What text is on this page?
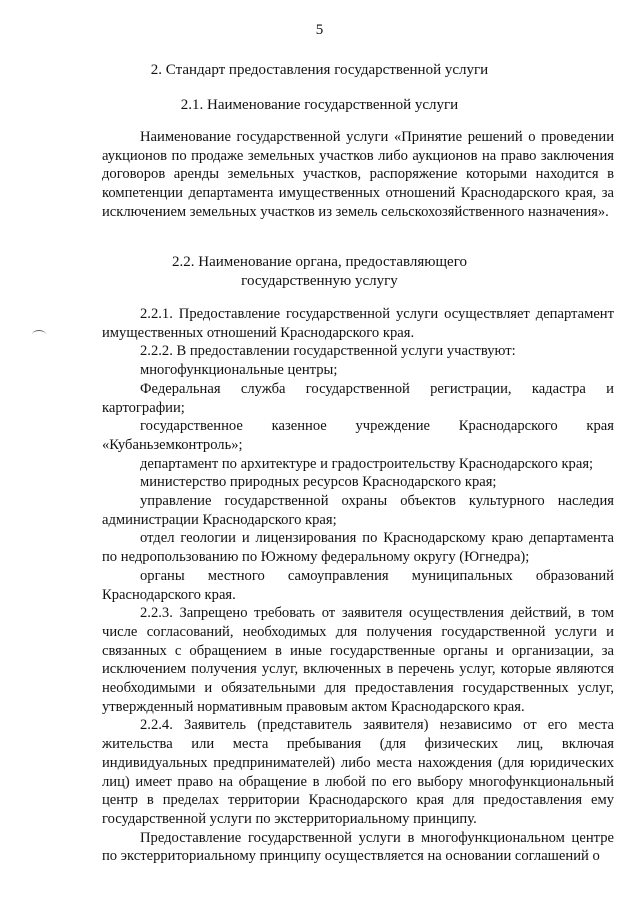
5
2. Стандарт предоставления государственной услуги
2.1. Наименование государственной услуги

Наименование государственной услуги «Принятие решений о проведении аукционов по продаже земельных участков либо аукционов на право заключения договоров аренды земельных участков, распоряжение которыми находится в компетенции департамента имущественных отношений Краснодарского края, за исключением земельных участков из земель сельскохозяйственного назначения».

2.2. Наименование органа, предоставляющего
государственную услугу

2.2.1. Предоставление государственной услуги осуществляет департамент имущественных отношений Краснодарского края.

2.2.2. В предоставлении государственной услуги участвуют:

многофункциональные центры;

Федеральная служба государственной регистрации, кадастра и картографии;

государственное казенное учреждение Краснодарского края «Кубаньземконтроль»;

департамент по архитектуре и градостроительству Краснодарского края;

министерство природных ресурсов Краснодарского края;

управление государственной охраны объектов культурного наследия администрации Краснодарского края;

отдел геологии и лицензирования по Краснодарскому краю департамента по недропользованию по Южному федеральному округу (Югнедра);

органы местного самоуправления муниципальных образований Краснодарского края.

2.2.3. Запрещено требовать от заявителя осуществления действий, в том числе согласований, необходимых для получения государственной услуги и связанных с обращением в иные государственные органы и организации, за исключением получения услуг, включенных в перечень услуг, которые являются необходимыми и обязательными для предоставления государственных услуг, утвержденный нормативным правовым актом Краснодарского края.

2.2.4. Заявитель (представитель заявителя) независимо от его места жительства или места пребывания (для физических лиц, включая индивидуальных предпринимателей) либо места нахождения (для юридических лиц) имеет право на обращение в любой по его выбору многофункциональный центр в пределах территории Краснодарского края для предоставления ему государственной услуги по экстерриториальному принципу.

Предоставление государственной услуги в многофункциональном центре по экстерриториальному принципу осуществляется на основании соглашений о
